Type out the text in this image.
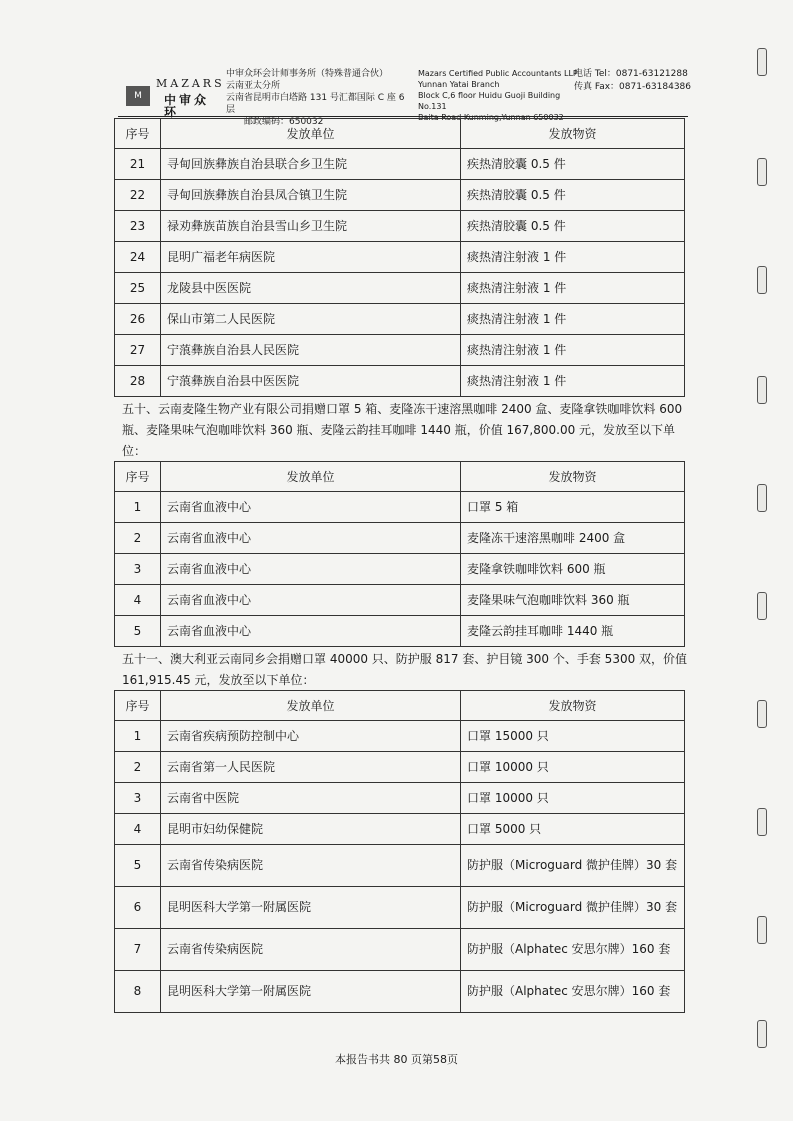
M
MAZARS
中审众环
中审众环会计师事务所（特殊普通合伙）
云南亚太分所
云南省昆明市白塔路 131 号汇都国际 C 座 6 层
邮政编码：650032
Mazars Certified Public Accountants LLP
Yunnan Yatai Branch
Block C,6 floor Huidu Guoji Building No.131
Baita Road Kunming,Yunnan 650032
电话 Tel：0871-63121288
传真 Fax：0871-63184386
序号	发放单位	发放物资
21	寻甸回族彝族自治县联合乡卫生院	疾热清胶囊 0.5 件
22	寻甸回族彝族自治县凤合镇卫生院	疾热清胶囊 0.5 件
23	禄劝彝族苗族自治县雪山乡卫生院	疾热清胶囊 0.5 件
24	昆明广福老年病医院	痰热清注射液 1 件
25	龙陵县中医医院	痰热清注射液 1 件
26	保山市第二人民医院	痰热清注射液 1 件
27	宁蒗彝族自治县人民医院	痰热清注射液 1 件
28	宁蒗彝族自治县中医医院	痰热清注射液 1 件
五十、云南麦隆生物产业有限公司捐赠口罩 5 箱、麦隆冻干速溶黑咖啡 2400 盒、麦隆拿铁咖啡饮料 600 瓶、麦隆果味气泡咖啡饮料 360 瓶、麦隆云韵挂耳咖啡 1440 瓶，价值 167,800.00 元，发放至以下单位：
序号	发放单位	发放物资
1	云南省血液中心	口罩 5 箱
2	云南省血液中心	麦隆冻干速溶黑咖啡 2400 盒
3	云南省血液中心	麦隆拿铁咖啡饮料 600 瓶
4	云南省血液中心	麦隆果味气泡咖啡饮料 360 瓶
5	云南省血液中心	麦隆云韵挂耳咖啡 1440 瓶
五十一、澳大利亚云南同乡会捐赠口罩 40000 只、防护服 817 套、护目镜 300 个、手套 5300 双，价值 161,915.45 元，发放至以下单位：
序号	发放单位	发放物资
1	云南省疾病预防控制中心	口罩 15000 只
2	云南省第一人民医院	口罩 10000 只
3	云南省中医院	口罩 10000 只
4	昆明市妇幼保健院	口罩 5000 只
5	云南省传染病医院	防护服（Microguard 微护佳牌）30 套
6	昆明医科大学第一附属医院	防护服（Microguard 微护佳牌）30 套
7	云南省传染病医院	防护服（Alphatec 安思尔牌）160 套
8	昆明医科大学第一附属医院	防护服（Alphatec 安思尔牌）160 套
本报告书共 80 页第58页
